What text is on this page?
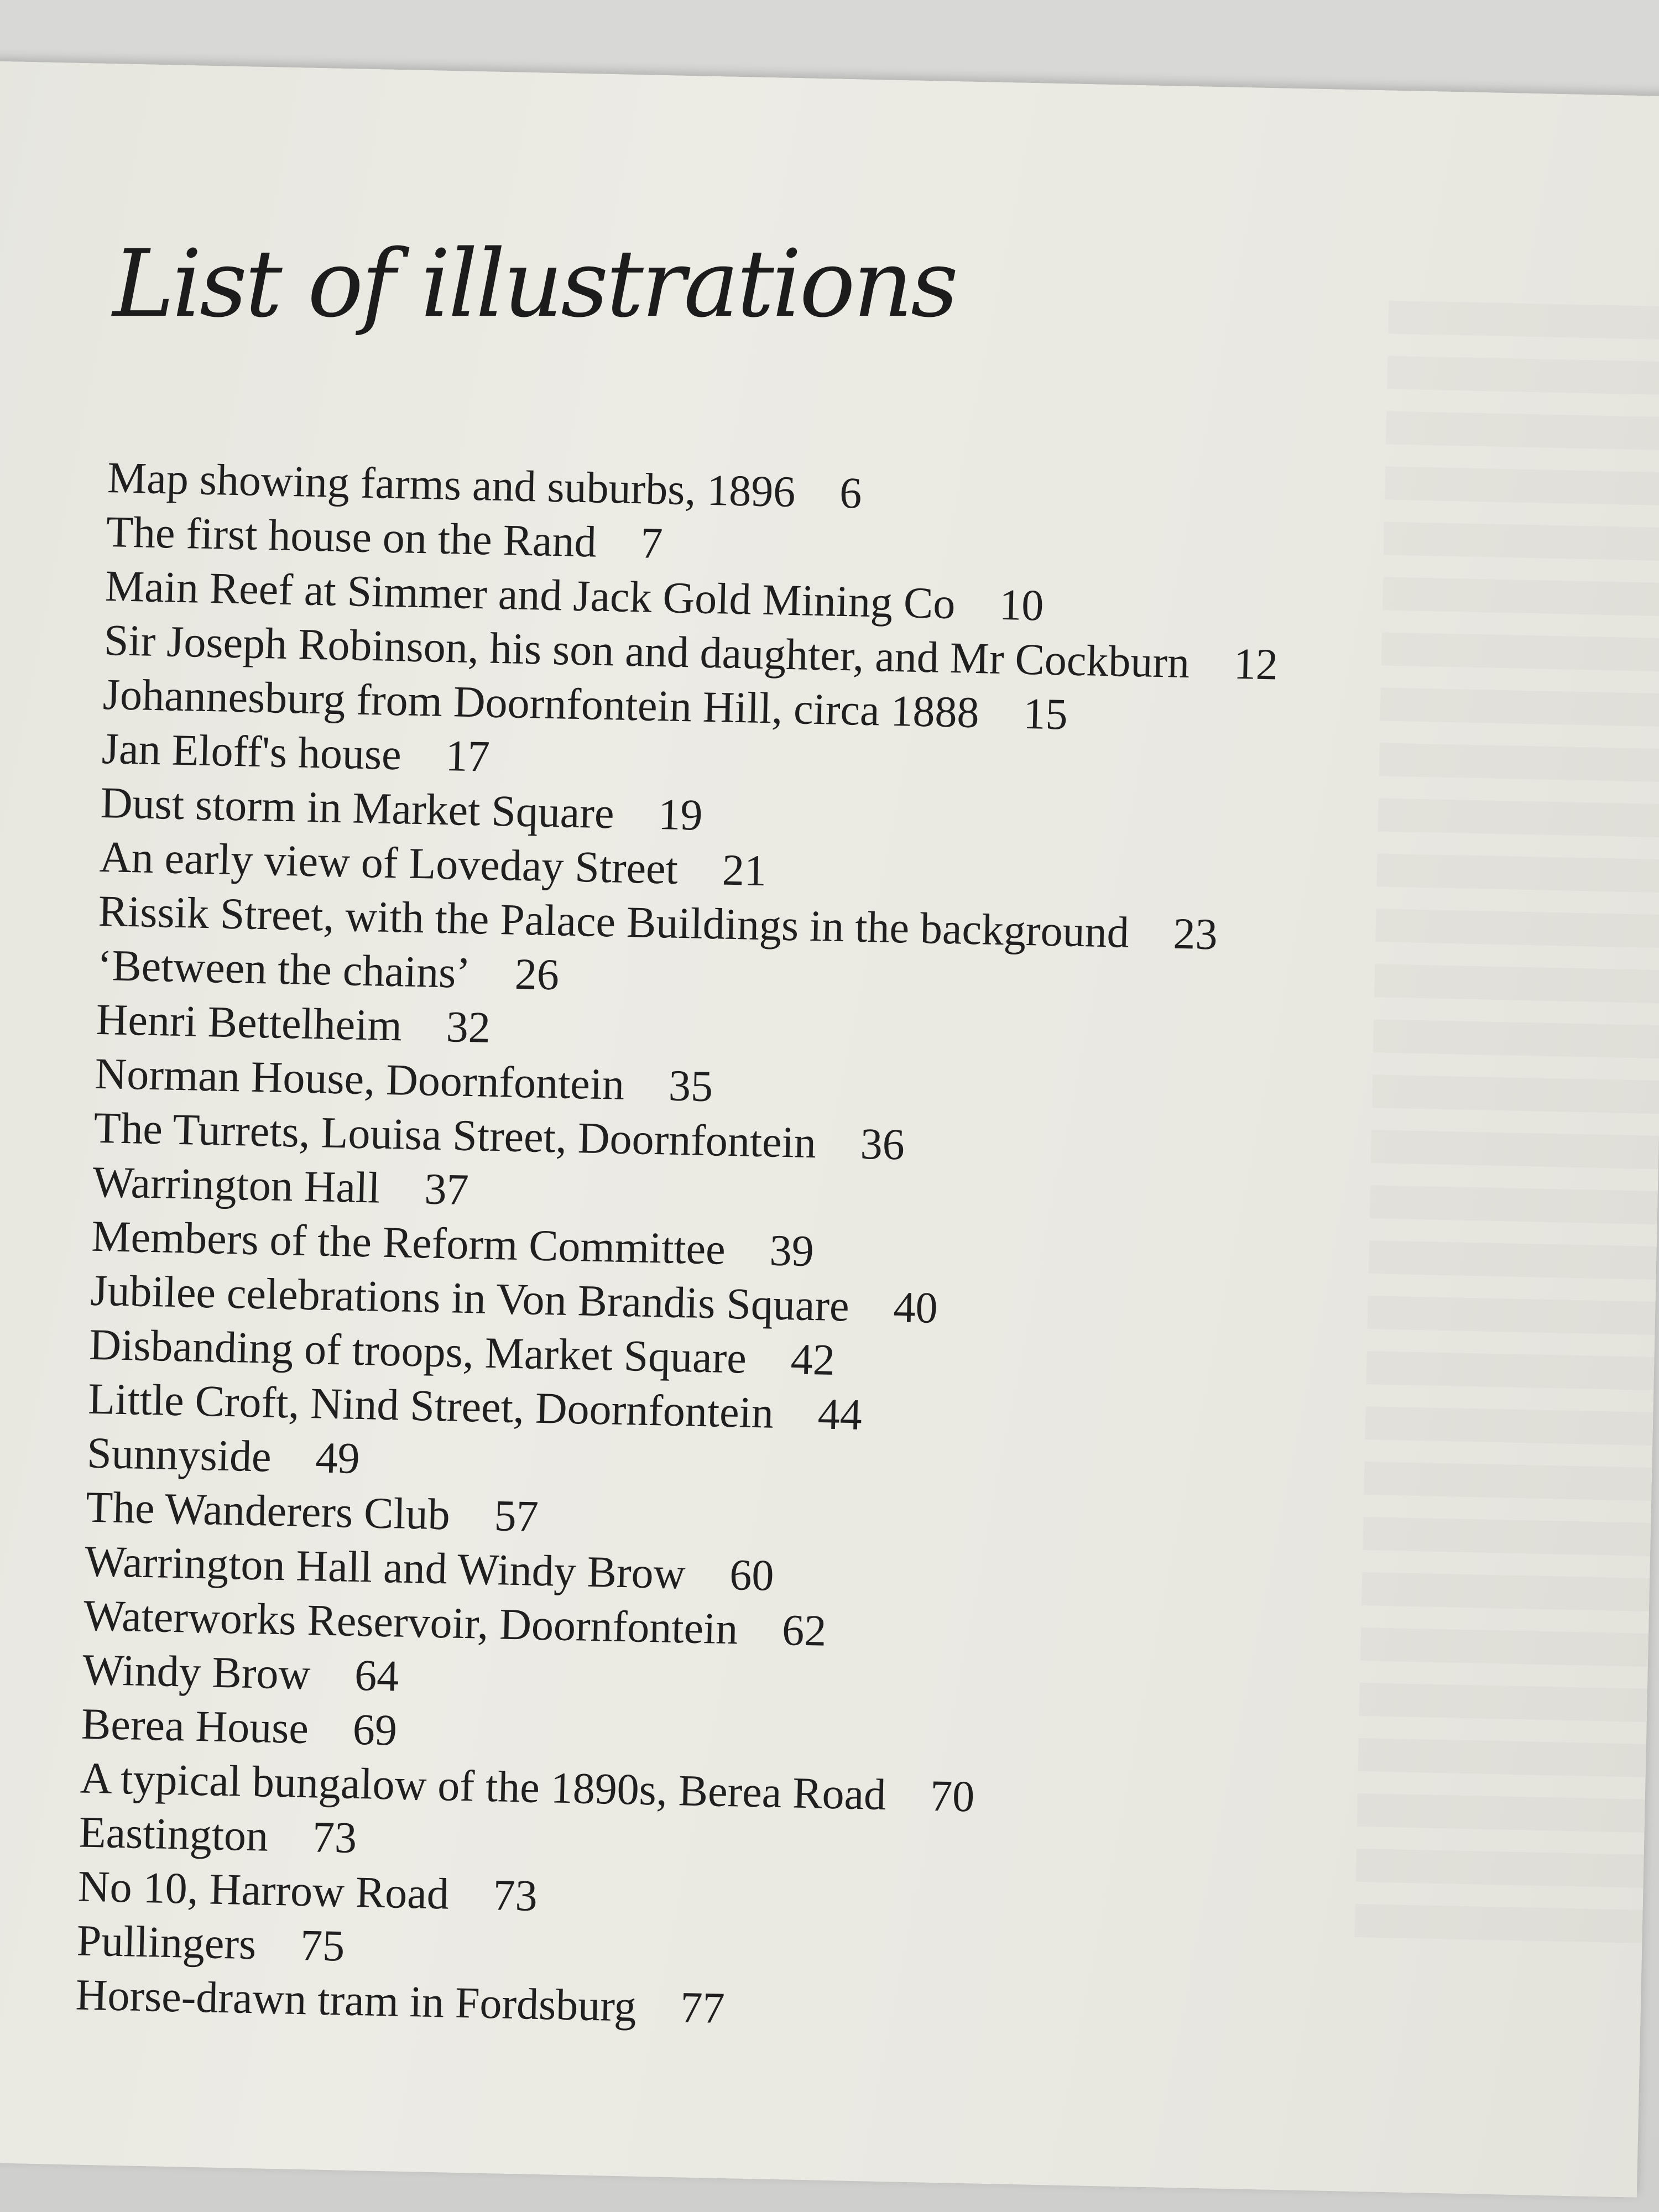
List of illustrations
Map showing farms and suburbs, 1896 6
The first house on the Rand 7
Main Reef at Simmer and Jack Gold Mining Co 10
Sir Joseph Robinson, his son and daughter, and Mr Cockburn 12
Johannesburg from Doornfontein Hill, circa 1888 15
Jan Eloff's house 17
Dust storm in Market Square 19
An early view of Loveday Street 21
Rissik Street, with the Palace Buildings in the background 23
‘Between the chains’ 26
Henri Bettelheim 32
Norman House, Doornfontein 35
The Turrets, Louisa Street, Doornfontein 36
Warrington Hall 37
Members of the Reform Committee 39
Jubilee celebrations in Von Brandis Square 40
Disbanding of troops, Market Square 42
Little Croft, Nind Street, Doornfontein 44
Sunnyside 49
The Wanderers Club 57
Warrington Hall and Windy Brow 60
Waterworks Reservoir, Doornfontein 62
Windy Brow 64
Berea House 69
A typical bungalow of the 1890s, Berea Road 70
Eastington 73
No 10, Harrow Road 73
Pullingers 75
Horse-drawn tram in Fordsburg 77
